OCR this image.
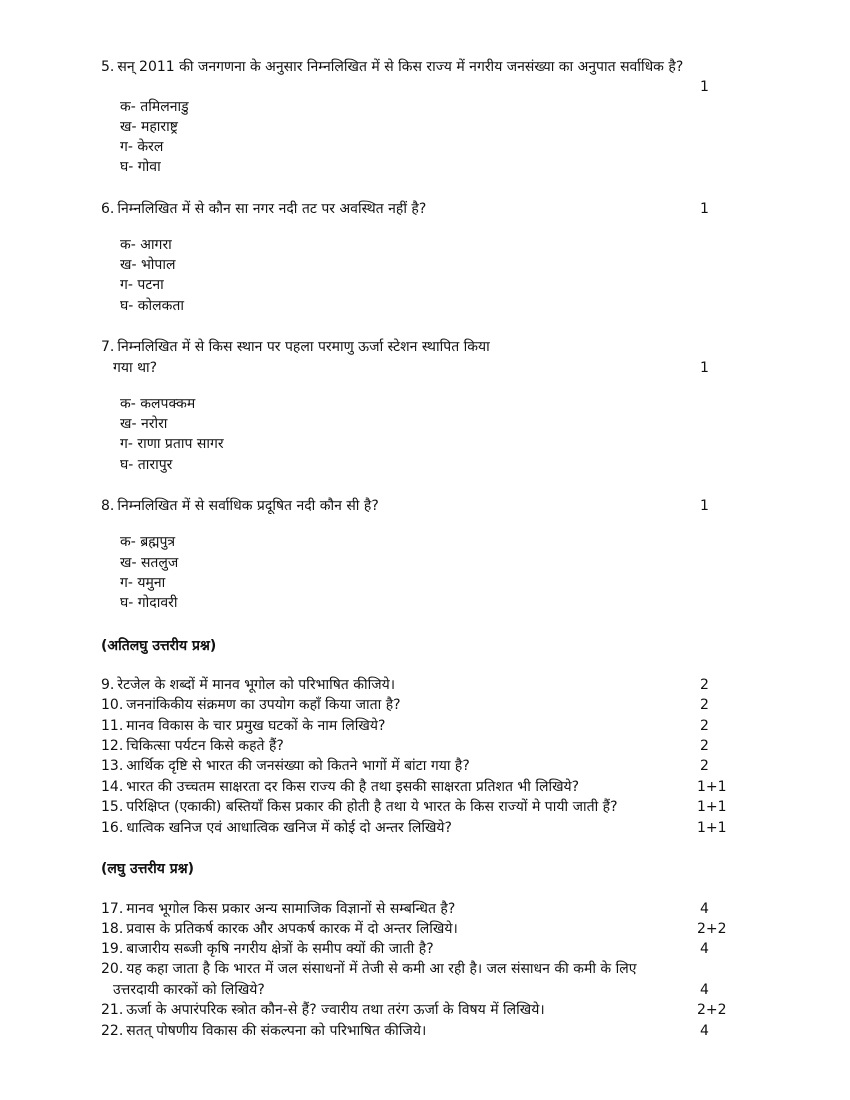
5. सन् 2011 की जनगणना के अनुसार निम्नलिखित में से किस राज्य में नगरीय जनसंख्या का अनुपात सर्वाधिक है?
1
क- तमिलनाडु
ख- महाराष्ट्र
ग- केरल
घ- गोवा
6. निम्नलिखित में से कौन सा नगर नदी तट पर अवस्थित नहीं है?	1
क- आगरा
ख- भोपाल
ग- पटना
घ- कोलकता
7. निम्नलिखित में से किस स्थान पर पहला परमाणु ऊर्जा स्टेशन स्थापित किया
गया था?	1
क- कलपक्कम
ख- नरोरा
ग- राणा प्रताप सागर
घ- तारापुर
8. निम्नलिखित में से सर्वाधिक प्रदूषित नदी कौन सी है?	1
क- ब्रह्मपुत्र
ख- सतलुज
ग- यमुना
घ- गोदावरी
(अतिलघु उत्तरीय प्रश्न)
9. रेटजेल के शब्दों में मानव भूगोल को परिभाषित कीजिये।	2
10. जननांकिकीय संक्रमण का उपयोग कहाँ किया जाता है?	2
11. मानव विकास के चार प्रमुख घटकों के नाम लिखिये?	2
12. चिकित्सा पर्यटन किसे कहते हैं?	2
13. आर्थिक दृष्टि से भारत की जनसंख्या को कितने भागों में बांटा गया है?	2
14. भारत की उच्चतम साक्षरता दर किस राज्य की है तथा इसकी साक्षरता प्रतिशत भी लिखिये?	1+1
15. परिक्षिप्त (एकाकी) बस्तियाँ किस प्रकार की होती है तथा ये भारत के किस राज्यों मे पायी जाती हैं?	1+1
16. धात्विक खनिज एवं आधात्विक खनिज में कोई दो अन्तर लिखिये?	1+1
(लघु उत्तरीय प्रश्न)
17. मानव भूगोल किस प्रकार अन्य सामाजिक विज्ञानों से सम्बन्धित है?	4
18. प्रवास के प्रतिकर्ष कारक और अपकर्ष कारक में दो अन्तर लिखिये।	2+2
19. बाजारीय सब्जी कृषि नगरीय क्षेत्रों के समीप क्यों की जाती है?	4
20. यह कहा जाता है कि भारत में जल संसाधनों में तेजी से कमी आ रही है। जल संसाधन की कमी के लिए
उत्तरदायी कारकों को लिखिये?	4
21. ऊर्जा के अपारंपरिक स्त्रोत कौन-से हैं? ज्वारीय तथा तरंग ऊर्जा के विषय में लिखिये।	2+2
22. सतत् पोषणीय विकास की संकल्पना को परिभाषित कीजिये।	4
